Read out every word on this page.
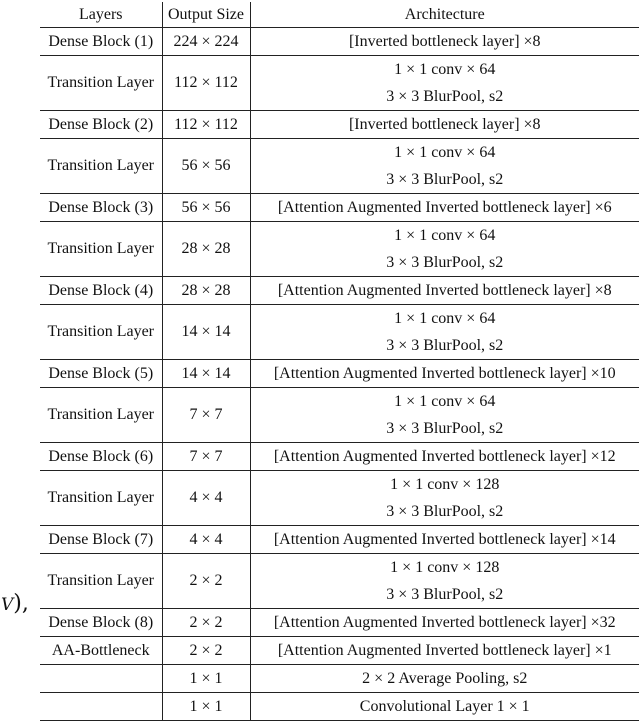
V),
Layers	Output Size	Architecture
Dense Block (1)	224 × 224	[Inverted bottleneck layer] ×8

Transition Layer	112 × 112	1 × 1 conv × 64
3 × 3 BlurPool, s2

Dense Block (2)	112 × 112	[Inverted bottleneck layer] ×8

Transition Layer	56 × 56	1 × 1 conv × 64
3 × 3 BlurPool, s2

Dense Block (3)	56 × 56	[Attention Augmented Inverted bottleneck layer] ×6

Transition Layer	28 × 28	1 × 1 conv × 64
3 × 3 BlurPool, s2

Dense Block (4)	28 × 28	[Attention Augmented Inverted bottleneck layer] ×8

Transition Layer	14 × 14	1 × 1 conv × 64
3 × 3 BlurPool, s2

Dense Block (5)	14 × 14	[Attention Augmented Inverted bottleneck layer] ×10

Transition Layer	7 × 7	1 × 1 conv × 64
3 × 3 BlurPool, s2

Dense Block (6)	7 × 7	[Attention Augmented Inverted bottleneck layer] ×12

Transition Layer	4 × 4	1 × 1 conv × 128
3 × 3 BlurPool, s2

Dense Block (7)	4 × 4	[Attention Augmented Inverted bottleneck layer] ×14

Transition Layer	2 × 2	1 × 1 conv × 128
3 × 3 BlurPool, s2

Dense Block (8)	2 × 2	[Attention Augmented Inverted bottleneck layer] ×32

AA-Bottleneck	2 × 2	[Attention Augmented Inverted bottleneck layer] ×1

	1 × 1	2 × 2 Average Pooling, s2

	1 × 1	Convolutional Layer 1 × 1
